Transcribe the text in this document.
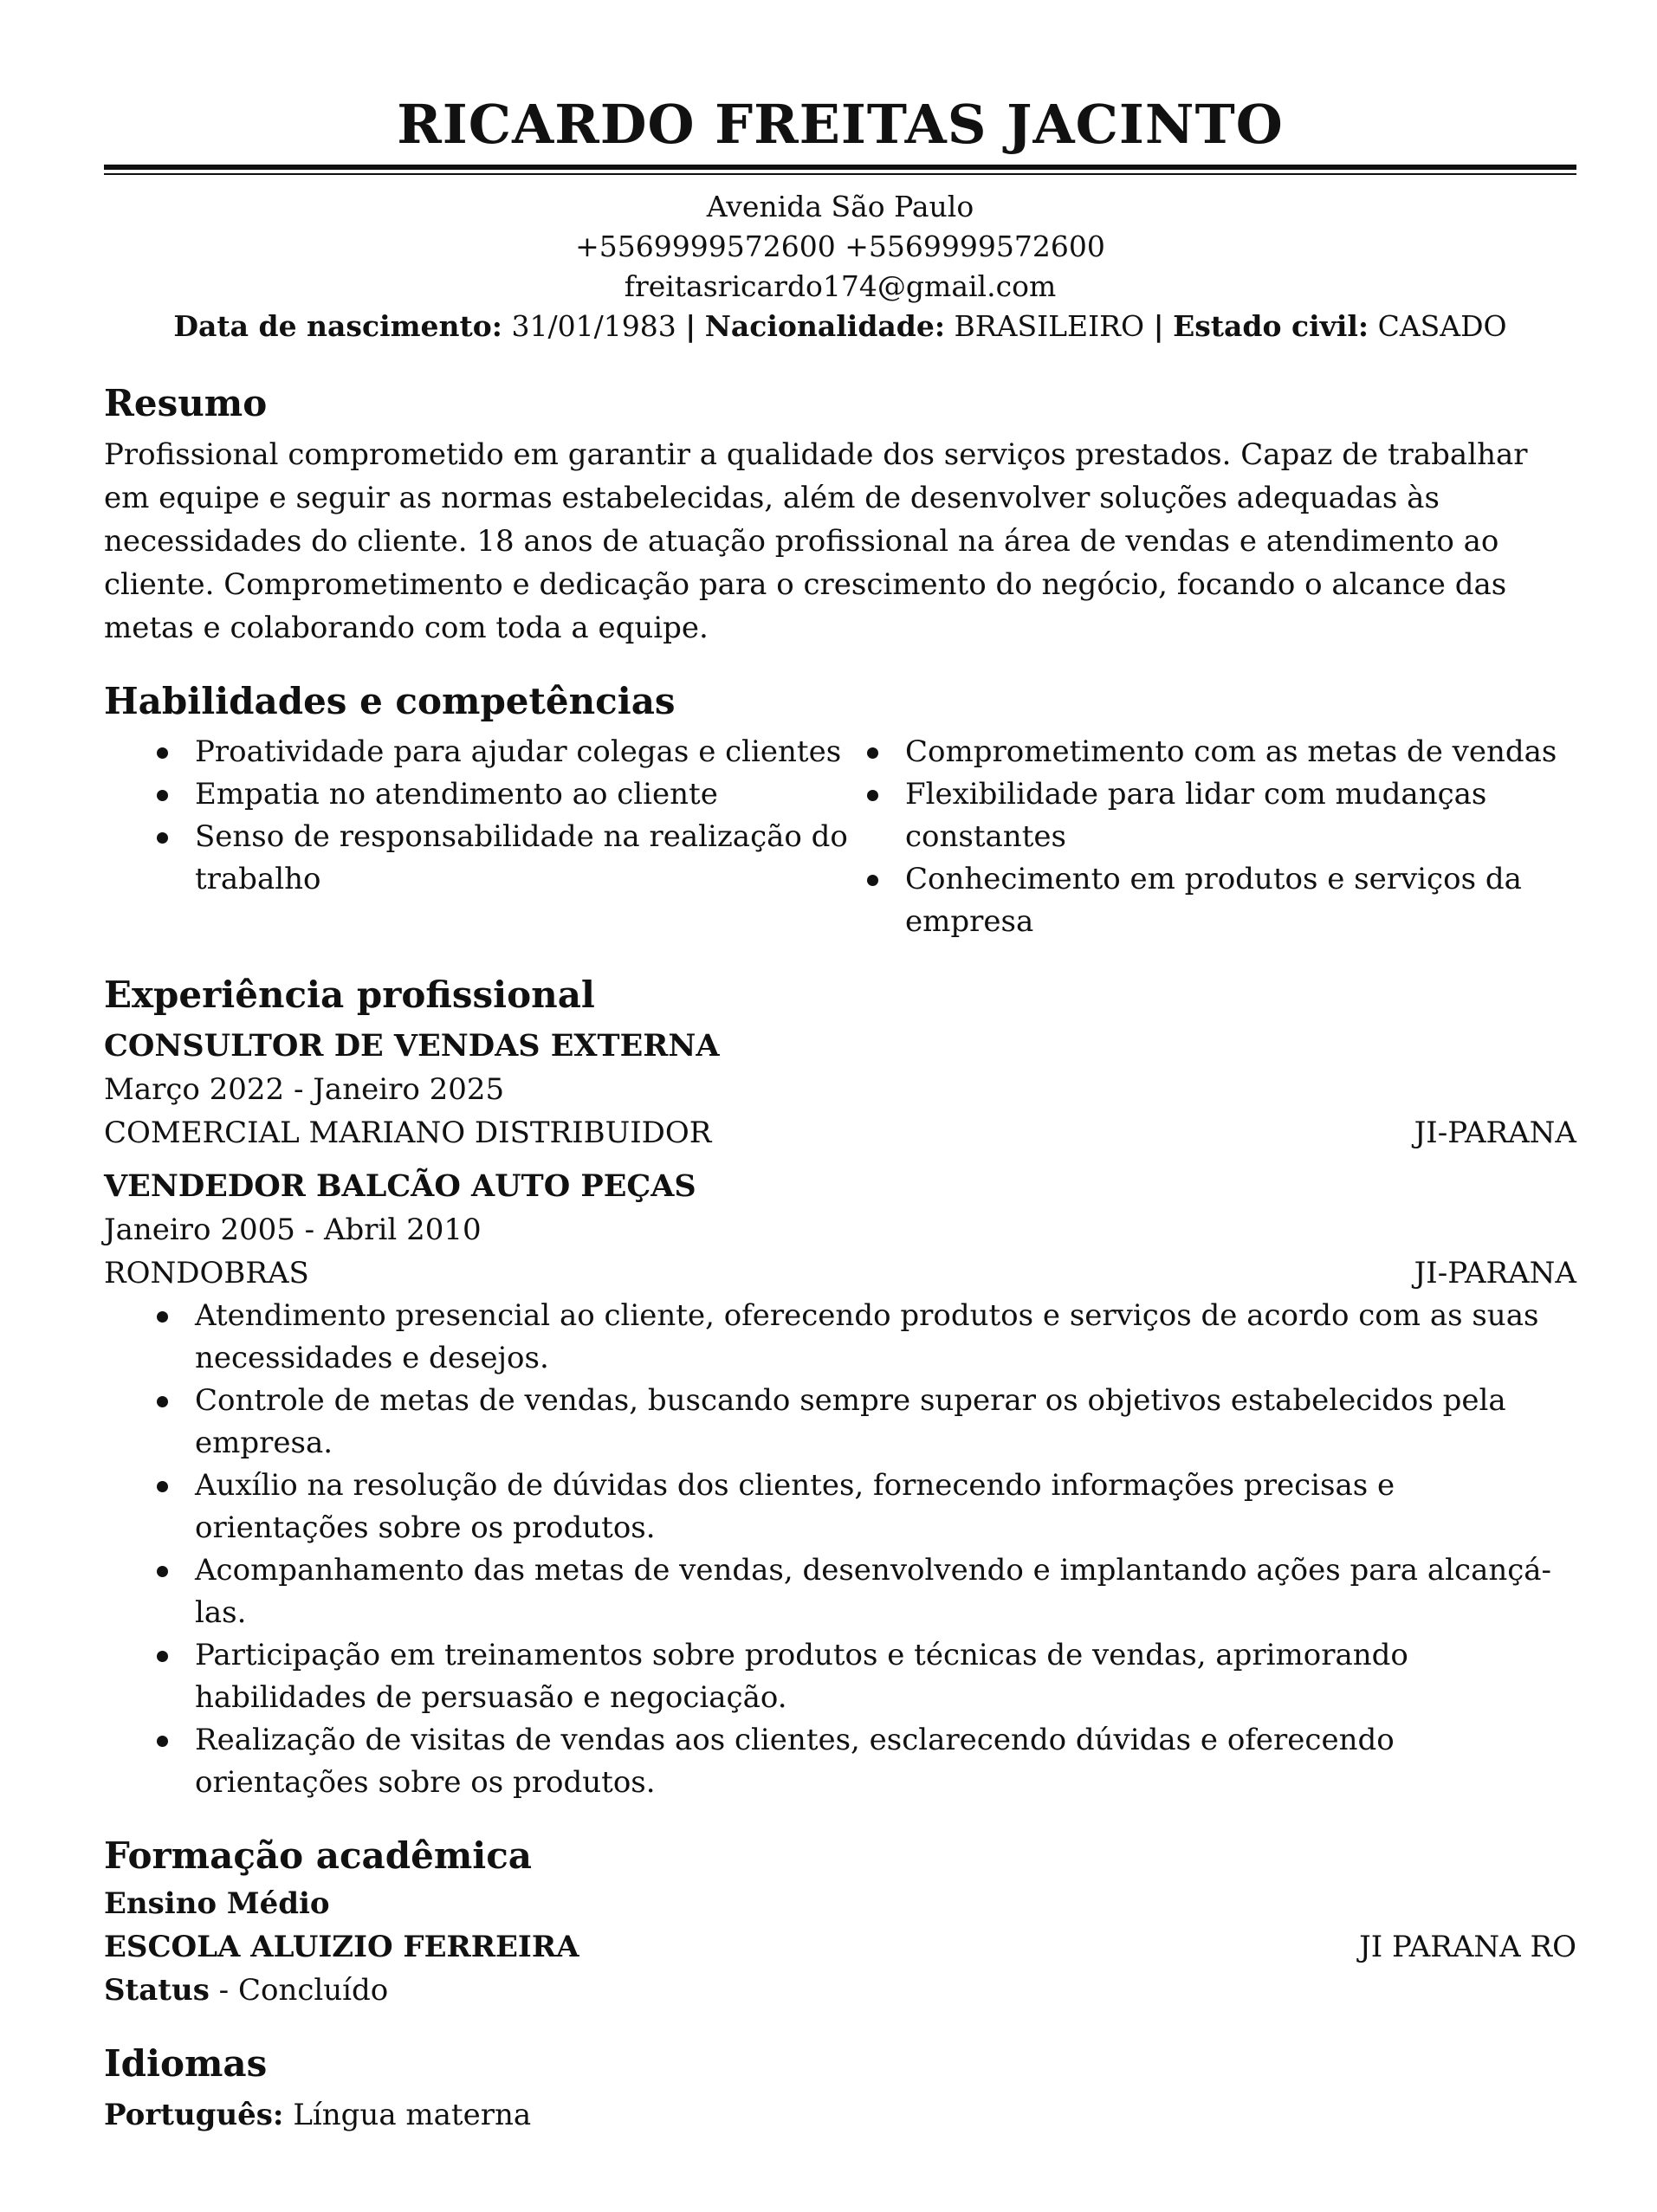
RICARDO FREITAS JACINTO
Avenida São Paulo
+5569999572600 +5569999572600
freitasricardo174@gmail.com
Data de nascimento: 31/01/1983 | Nacionalidade: BRASILEIRO | Estado civil: CASADO
Resumo

Profissional comprometido em garantir a qualidade dos serviços prestados. Capaz de trabalhar em equipe e seguir as normas estabelecidas, além de desenvolver soluções adequadas às necessidades do cliente. 18 anos de atuação profissional na área de vendas e atendimento ao cliente. Comprometimento e dedicação para o crescimento do negócio, focando o alcance das metas e colaborando com toda a equipe.

Habilidades e competências
Proatividade para ajudar colegas e clientes
Empatia no atendimento ao cliente
Senso de responsabilidade na realização do trabalho
Comprometimento com as metas de vendas
Flexibilidade para lidar com mudanças constantes
Conhecimento em produtos e serviços da empresa
Experiência profissional
CONSULTOR DE VENDAS EXTERNA
Março 2022 - Janeiro 2025
COMERCIAL MARIANO DISTRIBUIDOR	JI-PARANA
VENDEDOR BALCÃO AUTO PEÇAS
Janeiro 2005 - Abril 2010
RONDOBRAS	JI-PARANA
Atendimento presencial ao cliente, oferecendo produtos e serviços de acordo com as suas necessidades e desejos.
Controle de metas de vendas, buscando sempre superar os objetivos estabelecidos pela empresa.
Auxílio na resolução de dúvidas dos clientes, fornecendo informações precisas e orientações sobre os produtos.
Acompanhamento das metas de vendas, desenvolvendo e implantando ações para alcançá-las.
Participação em treinamentos sobre produtos e técnicas de vendas, aprimorando habilidades de persuasão e negociação.
Realização de visitas de vendas aos clientes, esclarecendo dúvidas e oferecendo orientações sobre os produtos.
Formação acadêmica
Ensino Médio
ESCOLA ALUIZIO FERREIRA	JI PARANA RO
Status - Concluído
Idiomas
Português: Língua materna
